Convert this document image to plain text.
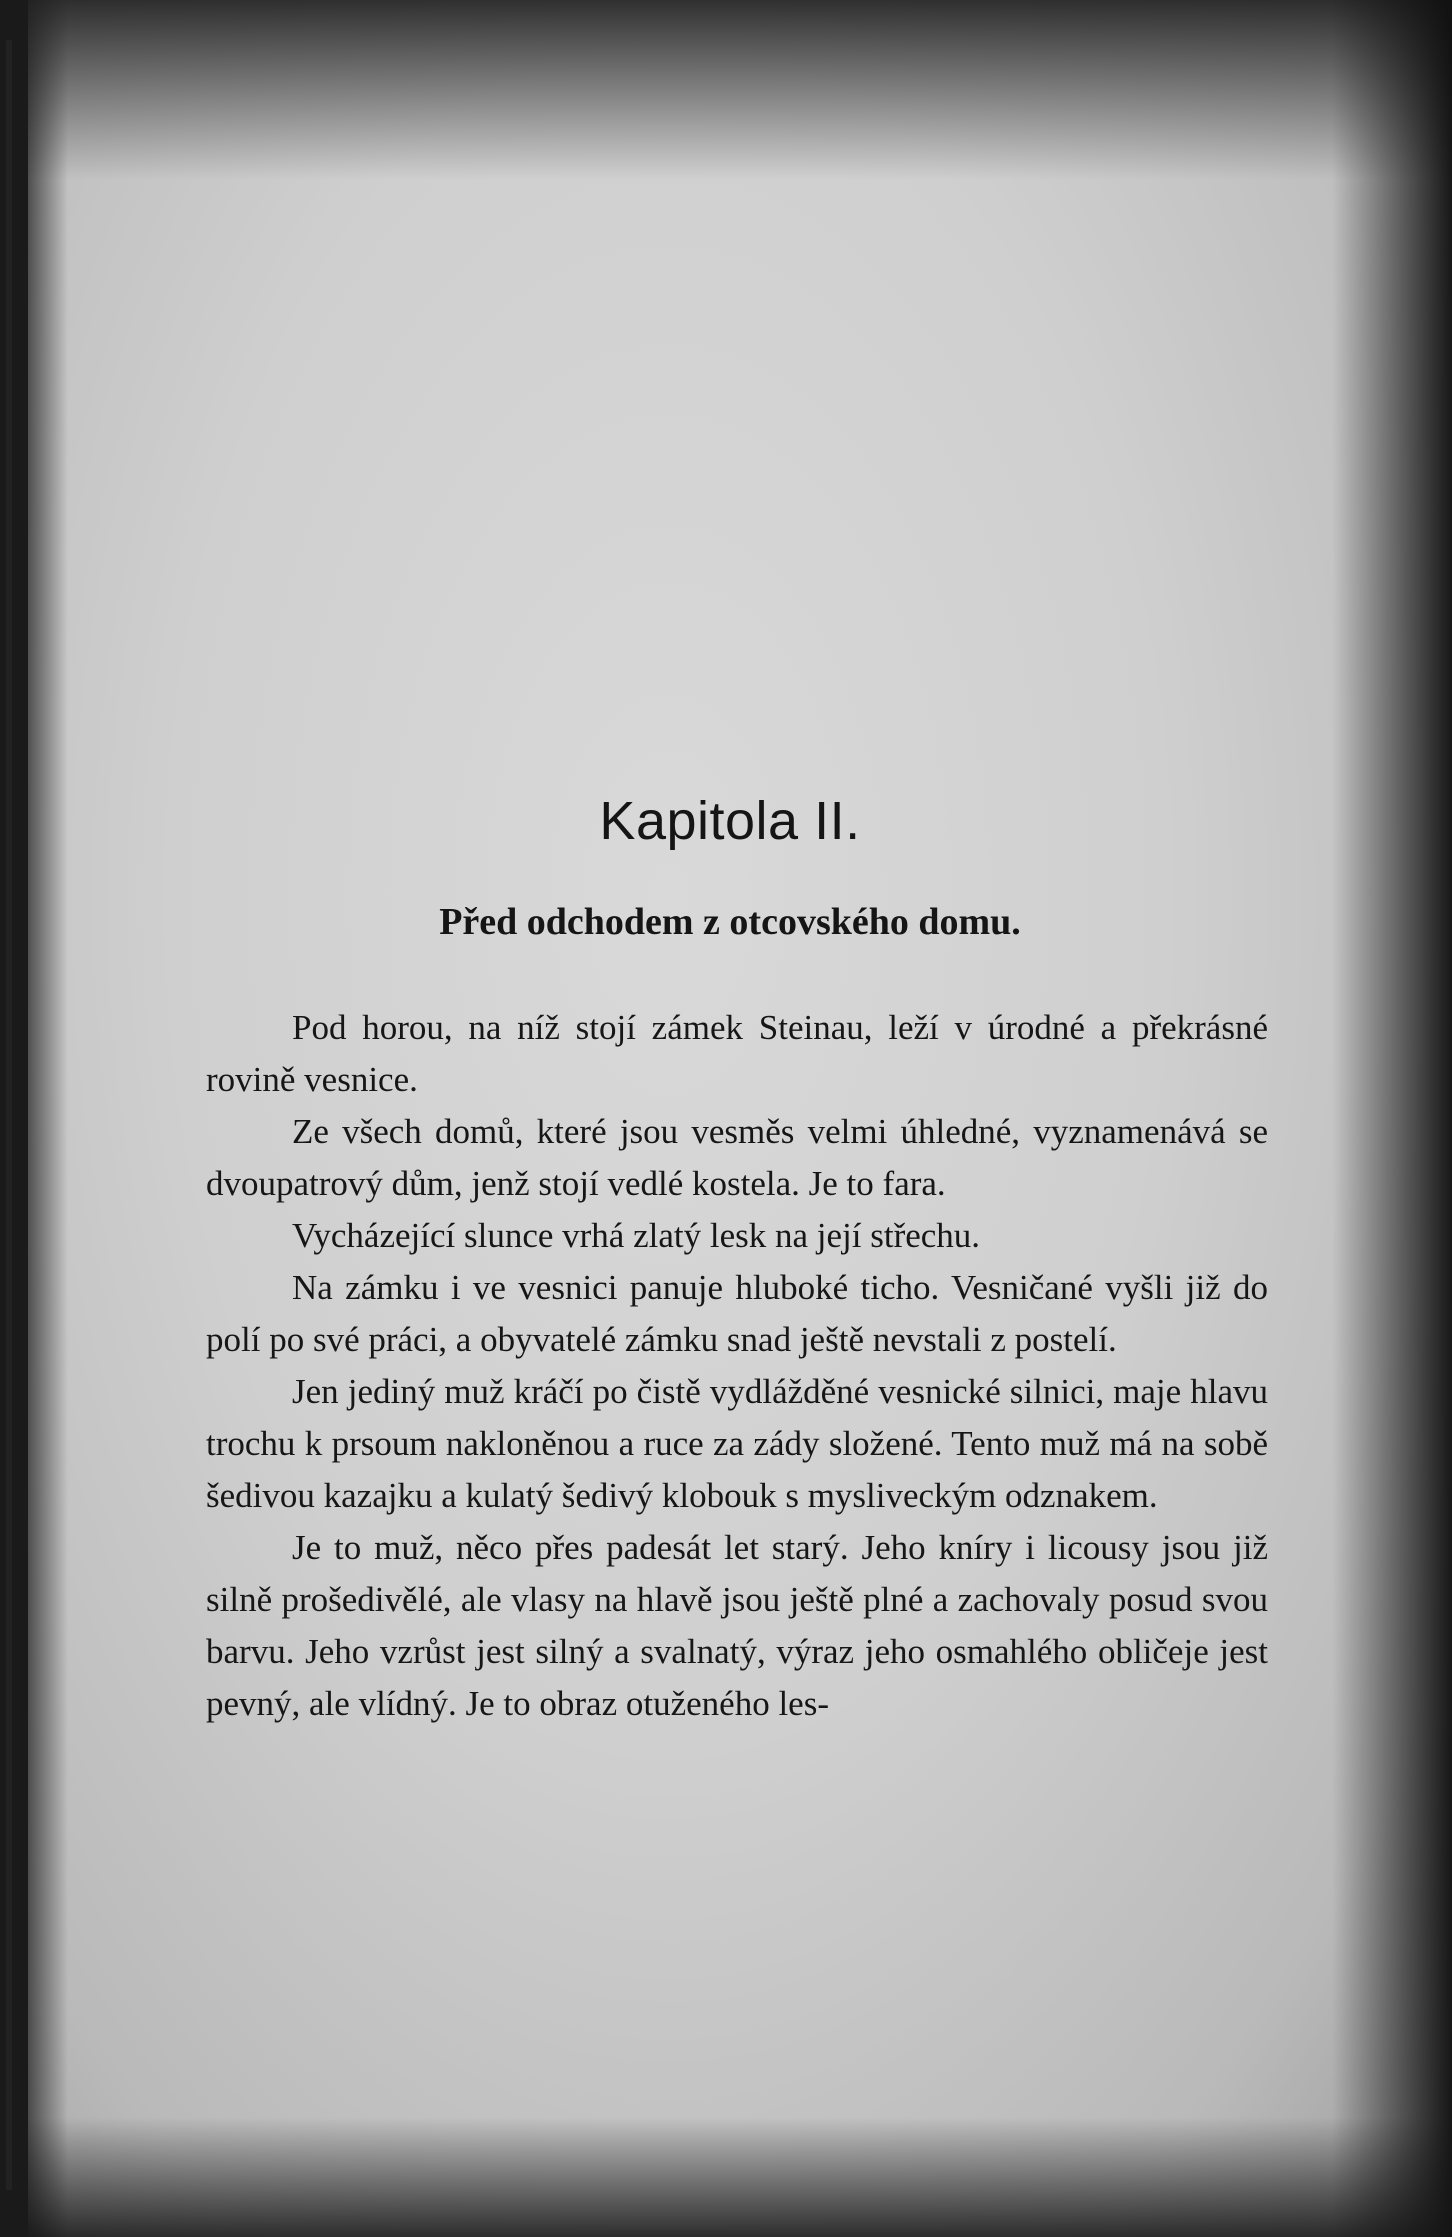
Kapitola II.
Před odchodem z otcovského domu.

Pod horou, na níž stojí zámek Steinau, leží v úrodné a překrásné rovině vesnice.

Ze všech domů, které jsou vesměs velmi úhledné, vyznamenává se dvoupatrový dům, jenž stojí vedlé kostela. Je to fara.

Vycházející slunce vrhá zlatý lesk na její střechu.

Na zámku i ve vesnici panuje hluboké ticho. Vesničané vyšli již do polí po své práci, a obyvatelé zámku snad ještě nevstali z postelí.

Jen jediný muž kráčí po čistě vydlážděné vesnické silnici, maje hlavu trochu k prsoum nakloněnou a ruce za zády složené. Tento muž má na sobě šedivou kazajku a kulatý šedivý klobouk s mysliveckým odznakem.

Je to muž, něco přes padesát let starý. Jeho kníry i licousy jsou již silně prošedivělé, ale vlasy na hlavě jsou ještě plné a zachovaly posud svou barvu. Jeho vzrůst jest silný a svalnatý, výraz jeho osmahlého obličeje jest pevný, ale vlídný. Je to obraz otuženého les-
